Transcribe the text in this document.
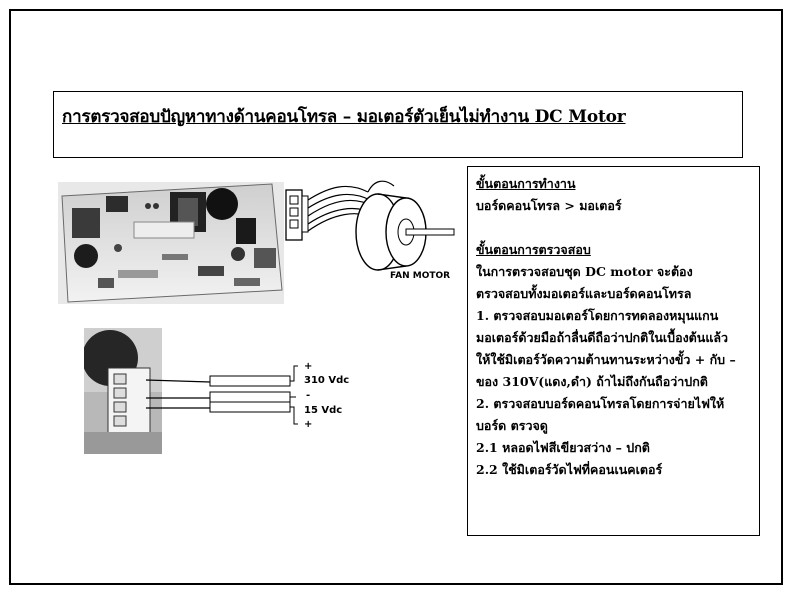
การตรวจสอบปัญหาทางด้านคอนโทรล – มอเตอร์ตัวเย็นไม่ทำงาน DC Motor
FAN MOTOR
+
310 Vdc
-
15 Vdc
+
ขั้นตอนการทำงาน
บอร์ดคอนโทรล > มอเตอร์
ขั้นตอนการตรวจสอบ
ในการตรวจสอบชุด DC motor จะต้อง
ตรวจสอบทั้งมอเตอร์และบอร์ดคอนโทรล
1. ตรวจสอบมอเตอร์โดยการทดลองหมุนแกน
มอเตอร์ด้วยมือถ้าลื่นดีถือว่าปกติในเบื้องต้นแล้ว
ให้ใช้มิเตอร์วัดความต้านทานระหว่างขั้ว + กับ –
ของ 310V(แดง,ดำ) ถ้าไม่ถึงกันถือว่าปกติ
2. ตรวจสอบบอร์ดคอนโทรลโดยการจ่ายไฟให้
บอร์ด ตรวจดู
2.1 หลอดไฟสีเขียวสว่าง – ปกติ
2.2 ใช้มิเตอร์วัดไฟที่คอนเนคเตอร์
